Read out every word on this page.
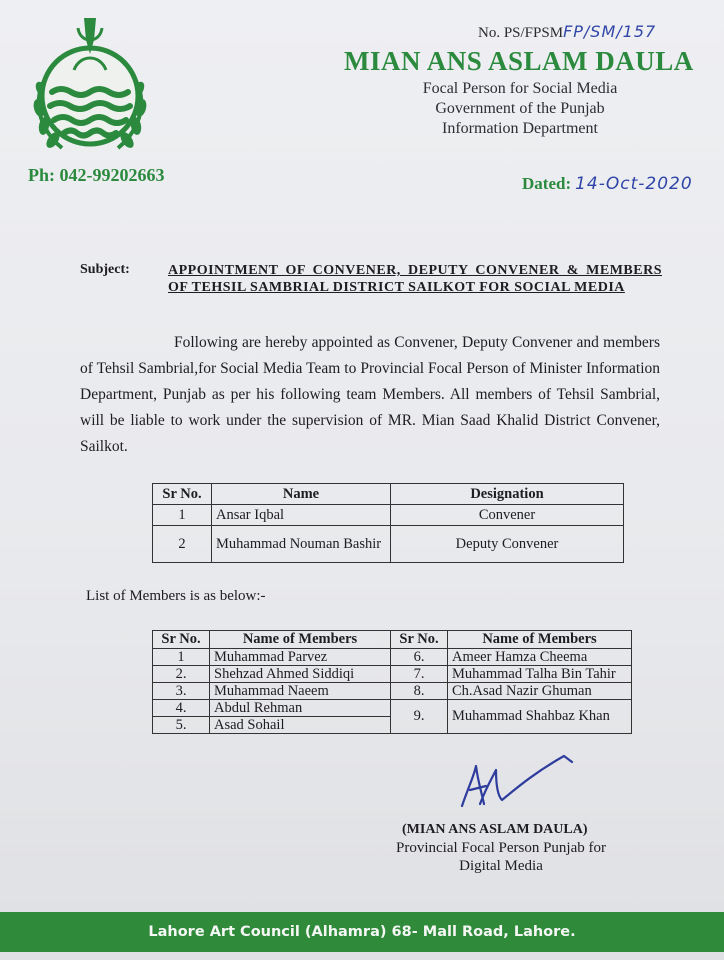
No. PS/FPSMFP/SM/157
MIAN ANS ASLAM DAULA
Focal Person for Social Media
Government of the Punjab
Information Department
Ph: 042-99202663	Dated: 14-Oct-2020
Subject:	APPOINTMENT OF CONVENER, DEPUTY CONVENER & MEMBERS OF TEHSIL SAMBRIAL DISTRICT SAILKOT FOR SOCIAL MEDIA
Following are hereby appointed as Convener, Deputy Convener and members of Tehsil Sambrial,for Social Media Team to Provincial Focal Person of Minister Information Department, Punjab as per his following team Members. All members of Tehsil Sambrial, will be liable to work under the supervision of MR. Mian Saad Khalid District Convener, Sailkot.
Sr No.	Name	Designation
1	Ansar Iqbal	Convener
2	Muhammad Nouman Bashir	Deputy Convener
List of Members is as below:-
Sr No.	Name of Members	Sr No.	Name of Members
1	Muhammad Parvez	6.	Ameer Hamza Cheema
2.	Shehzad Ahmed Siddiqi	7.	Muhammad Talha Bin Tahir
3.	Muhammad Naeem	8.	Ch.Asad Nazir Ghuman
4.	Abdul Rehman	9.	Muhammad Shahbaz Khan
5.	Asad Sohail		
(MIAN ANS ASLAM DAULA)
Provincial Focal Person Punjab for
Digital Media
Lahore Art Council (Alhamra) 68- Mall Road, Lahore.
